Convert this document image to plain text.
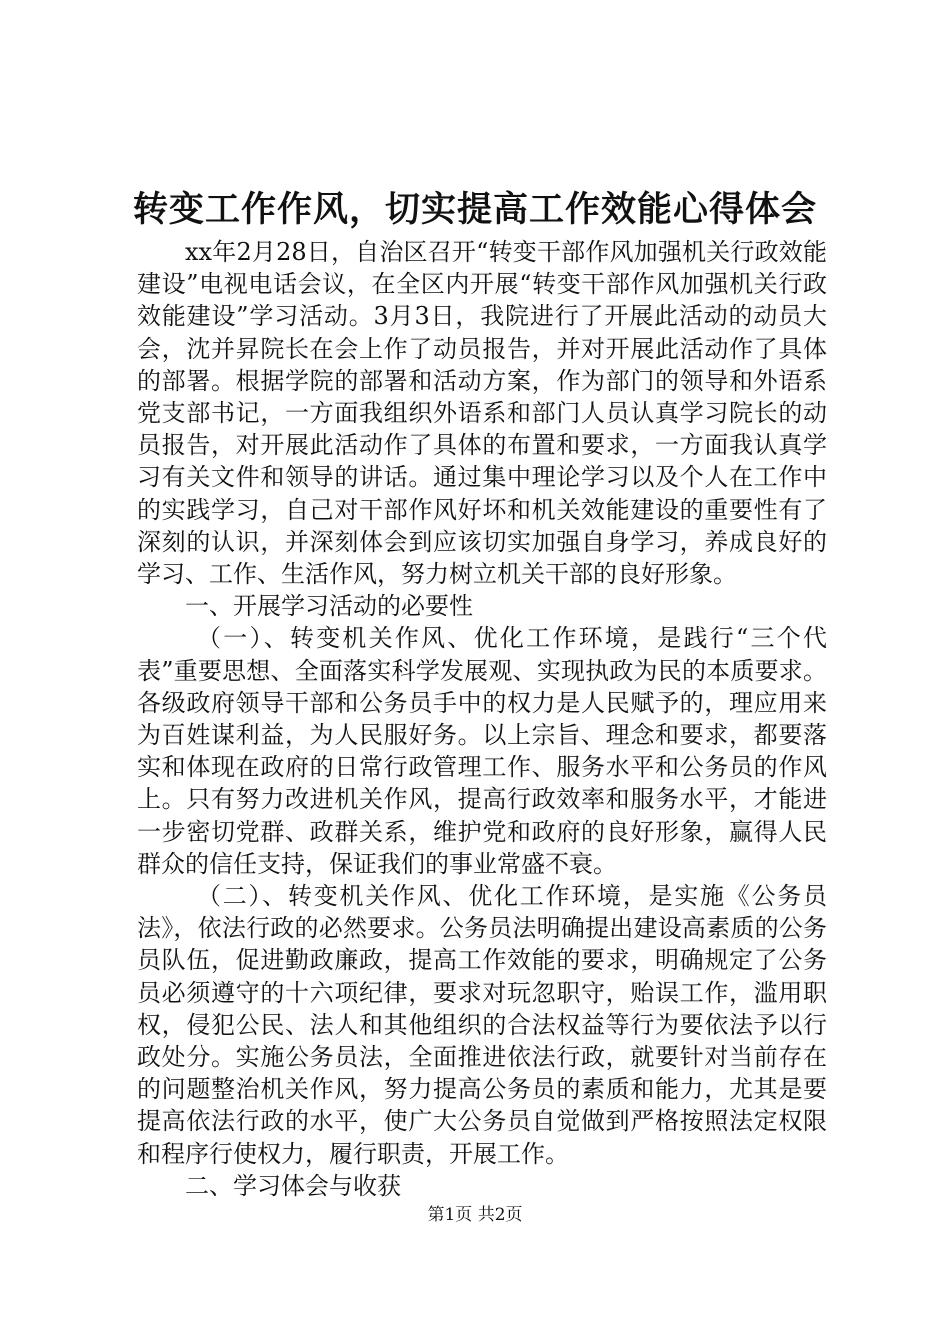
转变工作作风，切实提高工作效能心得体会

xx年2月28日，自治区召开“转变干部作风加强机关行政效能建设”电视电话会议，在全区内开展“转变干部作风加强机关行政效能建设”学习活动。3月3日，我院进行了开展此活动的动员大会，沈并昇院长在会上作了动员报告，并对开展此活动作了具体的部署。根据学院的部署和活动方案，作为部门的领导和外语系党支部书记，一方面我组织外语系和部门人员认真学习院长的动员报告，对开展此活动作了具体的布置和要求，一方面我认真学习有关文件和领导的讲话。通过集中理论学习以及个人在工作中的实践学习，自己对干部作风好坏和机关效能建设的重要性有了深刻的认识，并深刻体会到应该切实加强自身学习，养成良好的学习、工作、生活作风，努力树立机关干部的良好形象。

一、开展学习活动的必要性

（一）、转变机关作风、优化工作环境，是践行“三个代表”重要思想、全面落实科学发展观、实现执政为民的本质要求。各级政府领导干部和公务员手中的权力是人民赋予的，理应用来为百姓谋利益，为人民服好务。以上宗旨、理念和要求，都要落实和体现在政府的日常行政管理工作、服务水平和公务员的作风上。只有努力改进机关作风，提高行政效率和服务水平，才能进一步密切党群、政群关系，维护党和政府的良好形象，赢得人民群众的信任支持，保证我们的事业常盛不衰。

（二）、转变机关作风、优化工作环境，是实施《公务员法》，依法行政的必然要求。公务员法明确提出建设高素质的公务员队伍，促进勤政廉政，提高工作效能的要求，明确规定了公务员必须遵守的十六项纪律，要求对玩忽职守，贻误工作，滥用职权，侵犯公民、法人和其他组织的合法权益等行为要依法予以行政处分。实施公务员法，全面推进依法行政，就要针对当前存在的问题整治机关作风，努力提高公务员的素质和能力，尤其是要提高依法行政的水平，使广大公务员自觉做到严格按照法定权限和程序行使权力，履行职责，开展工作。

二、学习体会与收获

第1页 共2页
